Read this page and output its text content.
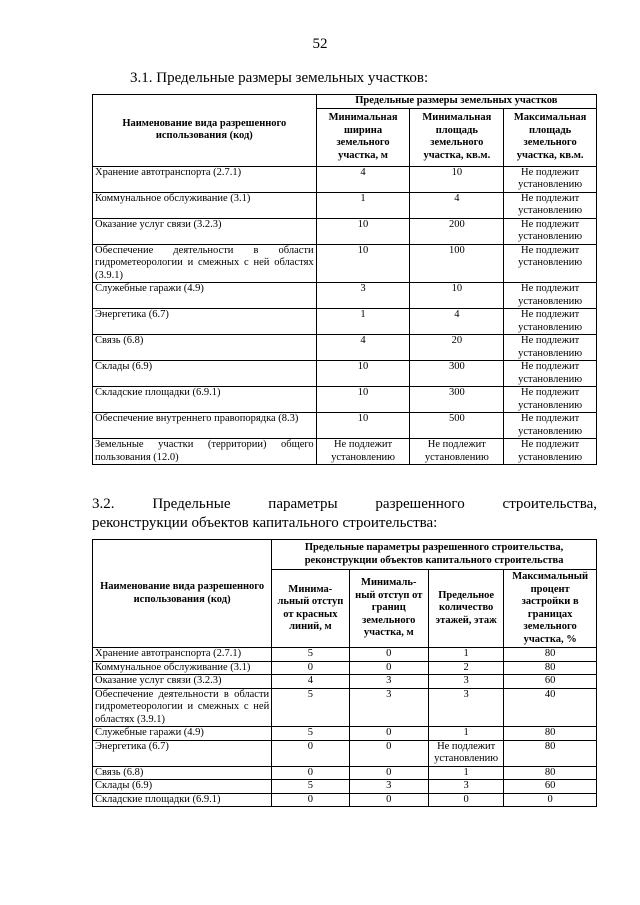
52
3.1. Предельные размеры земельных участков:
Наименование вида разрешенного использования (код)	Предельные размеры земельных участков		
	Минимальная ширина земельного участка, м	Минимальная площадь земельного участка, кв.м.	Максимальная площадь земельного участка, кв.м.
Хранение автотранспорта (2.7.1)	4	10	Не подлежит установлению
Коммунальное обслуживание (3.1)	1	4	Не подлежит установлению
Оказание услуг связи (3.2.3)	10	200	Не подлежит установлению
Обеспечение деятельности в области гидрометеорологии и смежных с ней областях (3.9.1)	10	100	Не подлежит установлению
Служебные гаражи (4.9)	3	10	Не подлежит установлению
Энергетика (6.7)	1	4	Не подлежит установлению
Связь (6.8)	4	20	Не подлежит установлению
Склады (6.9)	10	300	Не подлежит установлению
Складские площадки (6.9.1)	10	300	Не подлежит установлению
Обеспечение внутреннего правопорядка (8.3)	10	500	Не подлежит установлению
Земельные участки (территории) общего пользования (12.0)	Не подлежит установлению	Не подлежит установлению	Не подлежит установлению
3.2.	Предельные	параметры	разрешенного	строительства,
реконструкции объектов капитального строительства:
Наименование вида разрешенного использования (код)	Предельные параметры разрешенного строительства, реконструкции объектов капитального строительства			
	Минима-льный отступ от красных линий, м	Минималь-ный отступ от границ земельного участка, м	Предельное количество этажей, этаж	Максимальный процент застройки в границах земельного участка, %
Хранение автотранспорта (2.7.1)	5	0	1	80
Коммунальное обслуживание (3.1)	0	0	2	80
Оказание услуг связи (3.2.3)	4	3	3	60
Обеспечение деятельности в области гидрометеорологии и смежных с ней областях (3.9.1)	5	3	3	40
Служебные гаражи (4.9)	5	0	1	80
Энергетика (6.7)	0	0	Не подлежит установлению	80
Связь (6.8)	0	0	1	80
Склады (6.9)	5	3	3	60
Складские площадки (6.9.1)	0	0	0	0
